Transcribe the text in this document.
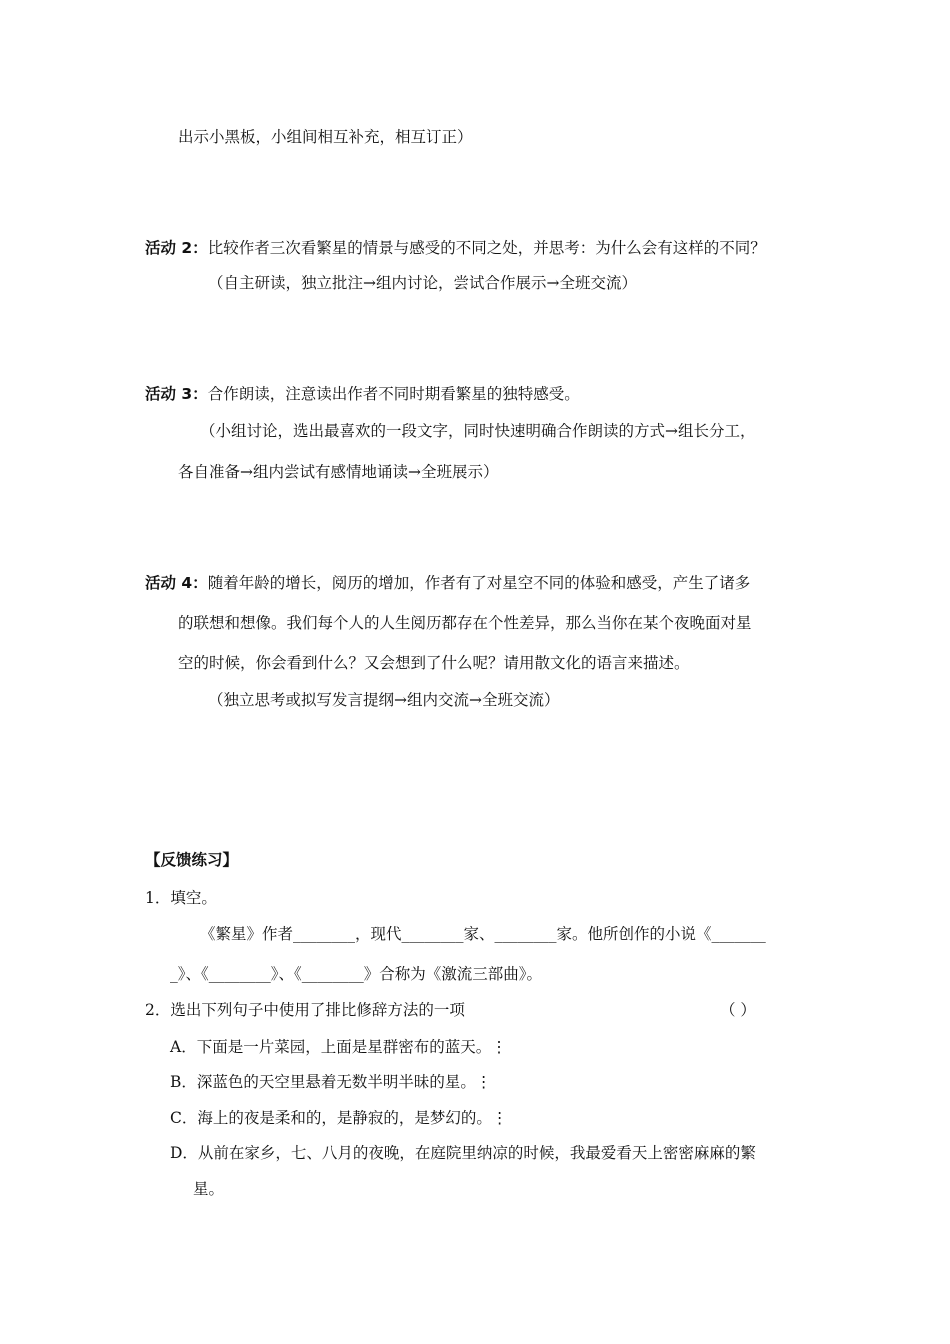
出示小黑板，小组间相互补充，相互订正）
活动 2：比较作者三次看繁星的情景与感受的不同之处，并思考：为什么会有这样的不同？
（自主研读，独立批注→组内讨论，尝试合作展示→全班交流）
活动 3：合作朗读，注意读出作者不同时期看繁星的独特感受。
（小组讨论，选出最喜欢的一段文字，同时快速明确合作朗读的方式→组长分工，
各自准备→组内尝试有感情地诵读→全班展示）
活动 4：随着年龄的增长，阅历的增加，作者有了对星空不同的体验和感受，产生了诸多
的联想和想像。我们每个人的人生阅历都存在个性差异，那么当你在某个夜晚面对星
空的时候，你会看到什么？又会想到了什么呢？请用散文化的语言来描述。
（独立思考或拟写发言提纲→组内交流→全班交流）
【反馈练习】
1．填空。
《繁星》作者________，现代________家、________家。他所创作的小说《_______
_》、《________》、《________》合称为《激流三部曲》。
2．选出下列句子中使用了排比修辞方法的一项	（ ）
A．下面是一片菜园，上面是星群密布的蓝天。⋮
B．深蓝色的天空里悬着无数半明半昧的星。⋮
C．海上的夜是柔和的，是静寂的，是梦幻的。⋮
D．从前在家乡，七、八月的夜晚，在庭院里纳凉的时候，我最爱看天上密密麻麻的繁
星。
